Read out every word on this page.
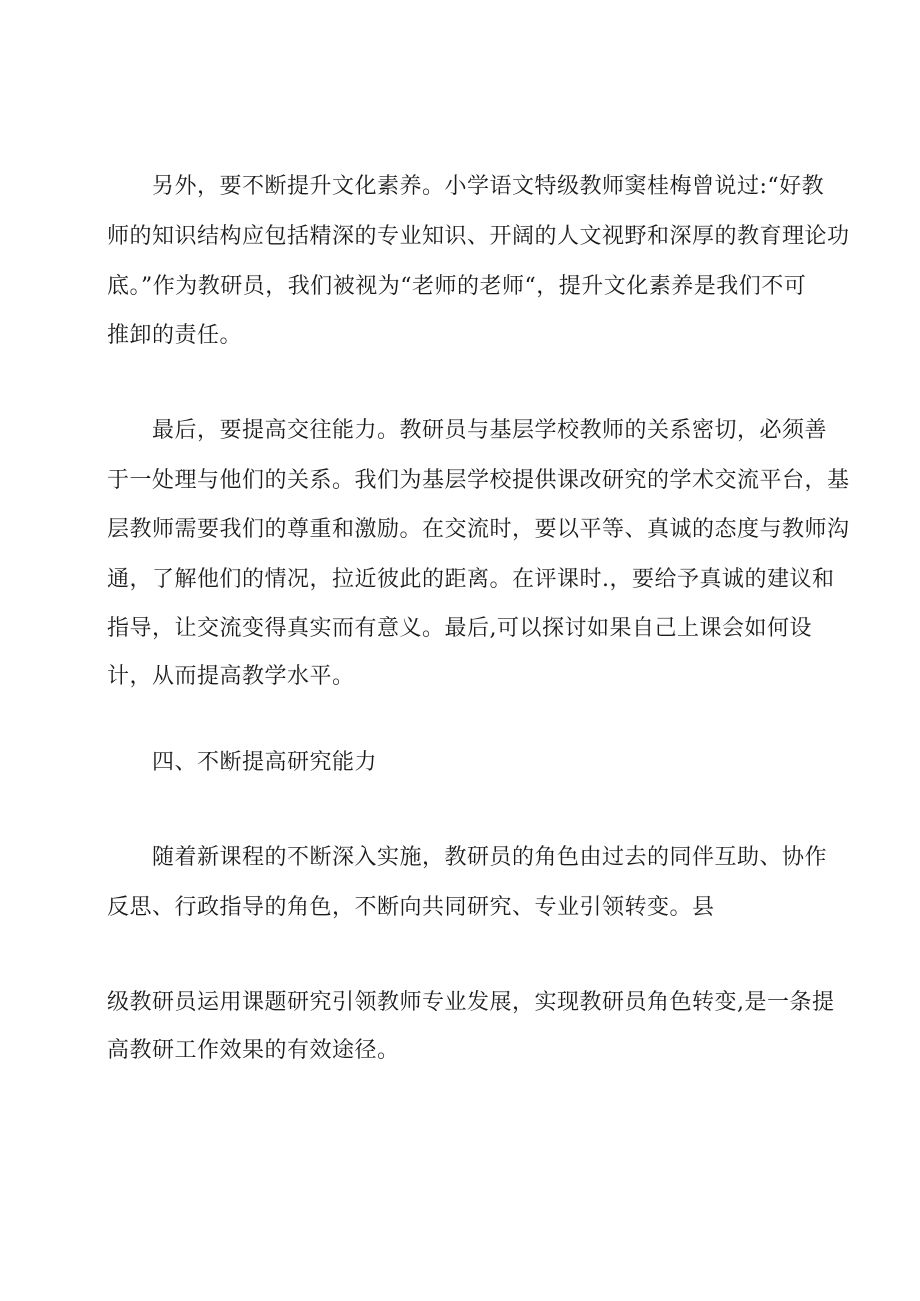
另外，要不断提升文化素养。小学语文特级教师窦桂梅曾说过:“好教
师的知识结构应包括精深的专业知识、开阔的人文视野和深厚的教育理论功
底。”作为教研员，我们被视为“老师的老师“，提升文化素养是我们不可
推卸的责任。
最后，要提高交往能力。教研员与基层学校教师的关系密切，必须善
于一处理与他们的关系。我们为基层学校提供课改研究的学术交流平台，基
层教师需要我们的尊重和激励。在交流时，要以平等、真诚的态度与教师沟
通，了解他们的情况，拉近彼此的距离。在评课时.，要给予真诚的建议和
指导，让交流变得真实而有意义。最后,可以探讨如果自己上课会如何设
计，从而提高教学水平。
四、不断提高研究能力
随着新课程的不断深入实施，教研员的角色由过去的同伴互助、协作
反思、行政指导的角色，不断向共同研究、专业引领转变。县
级教研员运用课题研究引领教师专业发展，实现教研员角色转变,是一条提
高教研工作效果的有效途径。
